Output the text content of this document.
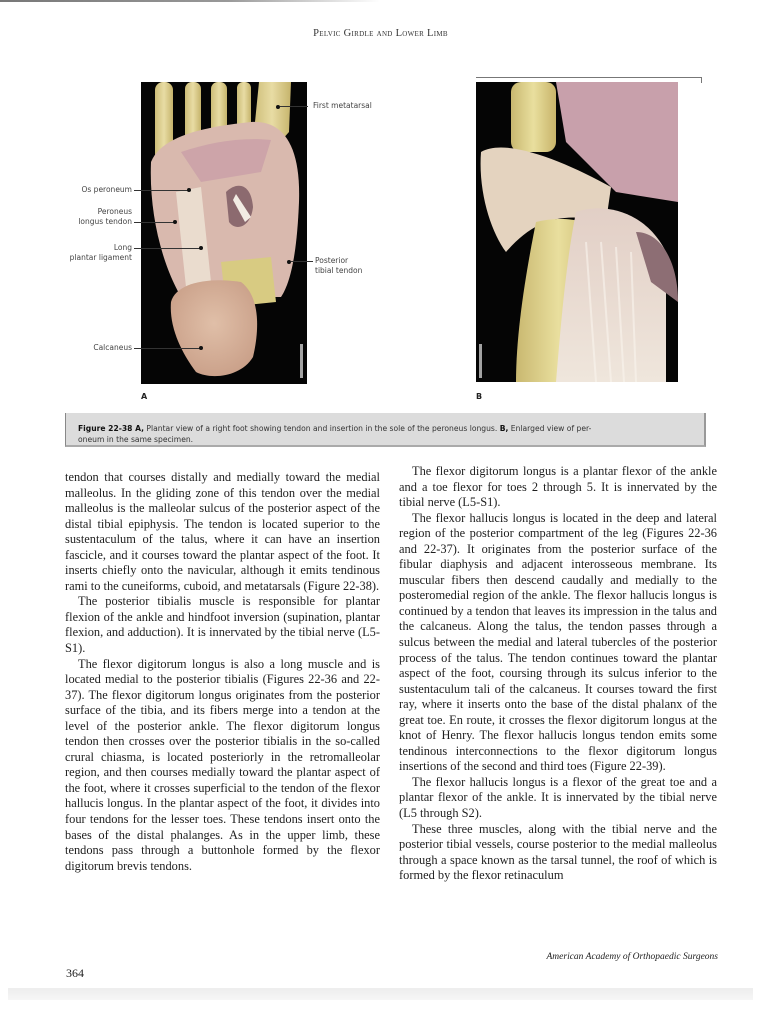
Pelvic Girdle and Lower Limb
First metatarsal
Os peroneum
Peroneus
longus tendon
Long
plantar ligament	Posterior
tibial tendon
Calcaneus
A	B
Figure 22-38 A, Plantar view of a right foot showing tendon and insertion in the sole of the peroneus longus. B, Enlarged view of per-
oneum in the same specimen.

tendon that courses distally and medially toward the medial malleolus. In the gliding zone of this tendon over the medial malleolus is the malleolar sulcus of the posterior aspect of the distal tibial epiphysis. The tendon is located superior to the sustentaculum of the talus, where it can have an insertion fascicle, and it courses toward the plantar aspect of the foot. It inserts chiefly onto the navicular, although it emits tendinous rami to the cuneiforms, cuboid, and metatarsals (Figure 22-38).

The posterior tibialis muscle is responsible for plantar flexion of the ankle and hindfoot inversion (supination, plantar flexion, and adduction). It is innervated by the tibial nerve (L5-S1).

The flexor digitorum longus is also a long muscle and is located medial to the posterior tibialis (Figures 22-36 and 22-37). The flexor digitorum longus originates from the posterior surface of the tibia, and its fibers merge into a tendon at the level of the posterior ankle. The flexor digitorum longus tendon then crosses over the posterior tibialis in the so-called crural chiasma, is located posteriorly in the retromalleolar region, and then courses medially toward the plantar aspect of the foot, where it crosses superficial to the tendon of the flexor hallucis longus. In the plantar aspect of the foot, it divides into four tendons for the lesser toes. These tendons insert onto the bases of the distal phalanges. As in the upper limb, these tendons pass through a buttonhole formed by the flexor digitorum brevis tendons.

The flexor digitorum longus is a plantar flexor of the ankle and a toe flexor for toes 2 through 5. It is innervated by the tibial nerve (L5-S1).

The flexor hallucis longus is located in the deep and lateral region of the posterior compartment of the leg (Figures 22-36 and 22-37). It originates from the posterior surface of the fibular diaphysis and adjacent interosseous membrane. Its muscular fibers then descend caudally and medially to the posteromedial region of the ankle. The flexor hallucis longus is continued by a tendon that leaves its impression in the talus and the calcaneus. Along the talus, the tendon passes through a sulcus between the medial and lateral tubercles of the posterior process of the talus. The tendon continues toward the plantar aspect of the foot, coursing through its sulcus inferior to the sustentaculum tali of the calcaneus. It courses toward the first ray, where it inserts onto the base of the distal phalanx of the great toe. En route, it crosses the flexor digitorum longus at the knot of Henry. The flexor hallucis longus tendon emits some tendinous interconnections to the flexor digitorum longus insertions of the second and third toes (Figure 22-39).

The flexor hallucis longus is a flexor of the great toe and a plantar flexor of the ankle. It is innervated by the tibial nerve (L5 through S2).

These three muscles, along with the tibial nerve and the posterior tibial vessels, course posterior to the medial malleolus through a space known as the tarsal tunnel, the roof of which is formed by the flexor retinaculum

American Academy of Orthopaedic Surgeons
364
